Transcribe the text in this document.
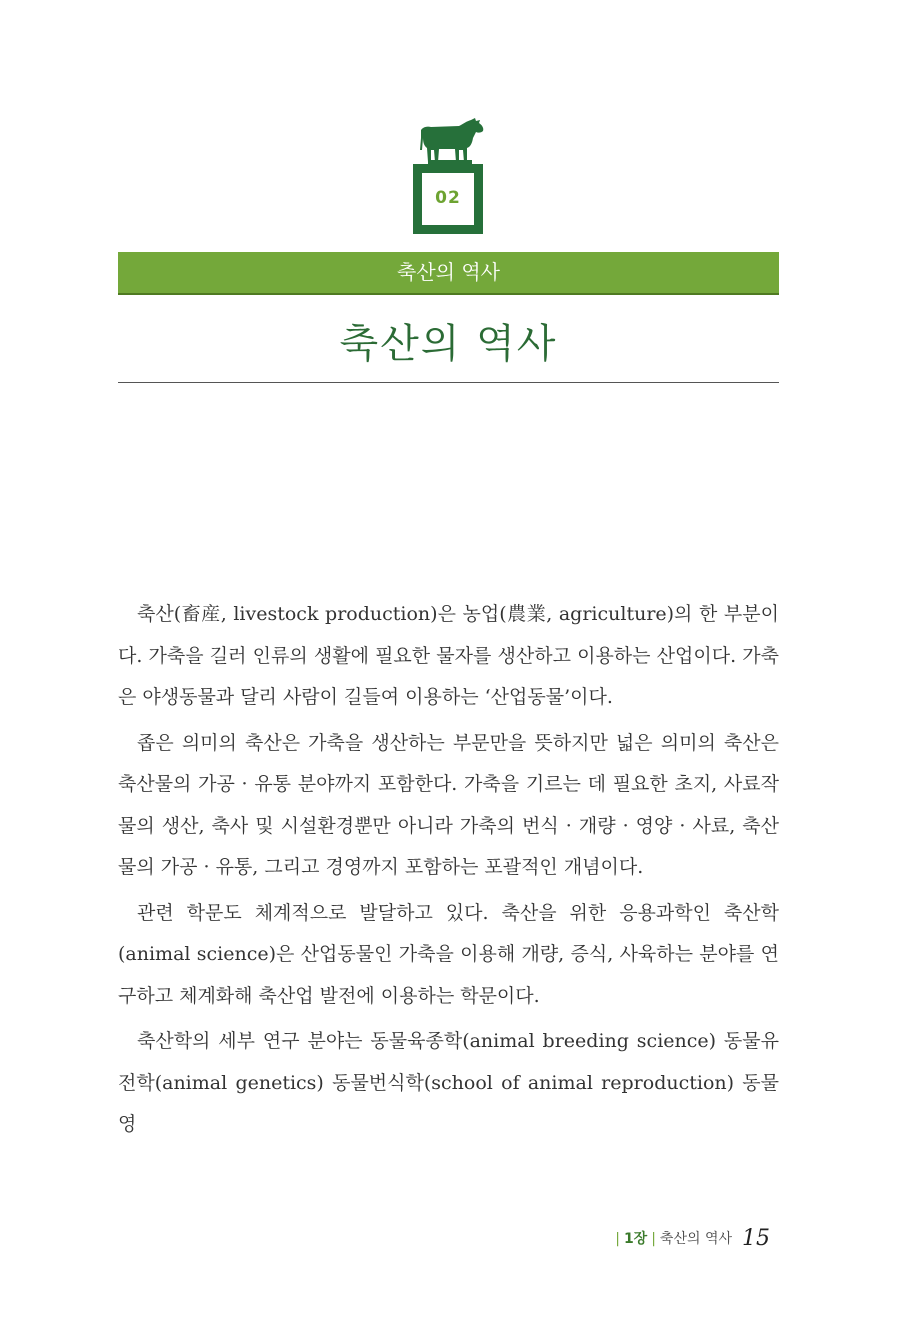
02
축산의 역사
축산의 역사

축산(畜産, livestock production)은 농업(農業, agriculture)의 한 부분이다. 가축을 길러 인류의 생활에 필요한 물자를 생산하고 이용하는 산업이다. 가축은 야생동물과 달리 사람이 길들여 이용하는 ‘산업동물’이다.

좁은 의미의 축산은 가축을 생산하는 부문만을 뜻하지만 넓은 의미의 축산은 축산물의 가공 · 유통 분야까지 포함한다. 가축을 기르는 데 필요한 초지, 사료작물의 생산, 축사 및 시설환경뿐만 아니라 가축의 번식 · 개량 · 영양 · 사료, 축산물의 가공 · 유통, 그리고 경영까지 포함하는 포괄적인 개념이다.

관련 학문도 체계적으로 발달하고 있다. 축산을 위한 응용과학인 축산학(animal science)은 산업동물인 가축을 이용해 개량, 증식, 사육하는 분야를 연구하고 체계화해 축산업 발전에 이용하는 학문이다.

축산학의 세부 연구 분야는 동물육종학(animal breeding science) 동물유전학(animal genetics) 동물번식학(school of animal reproduction) 동물영

| 1장 | 축산의 역사 15
